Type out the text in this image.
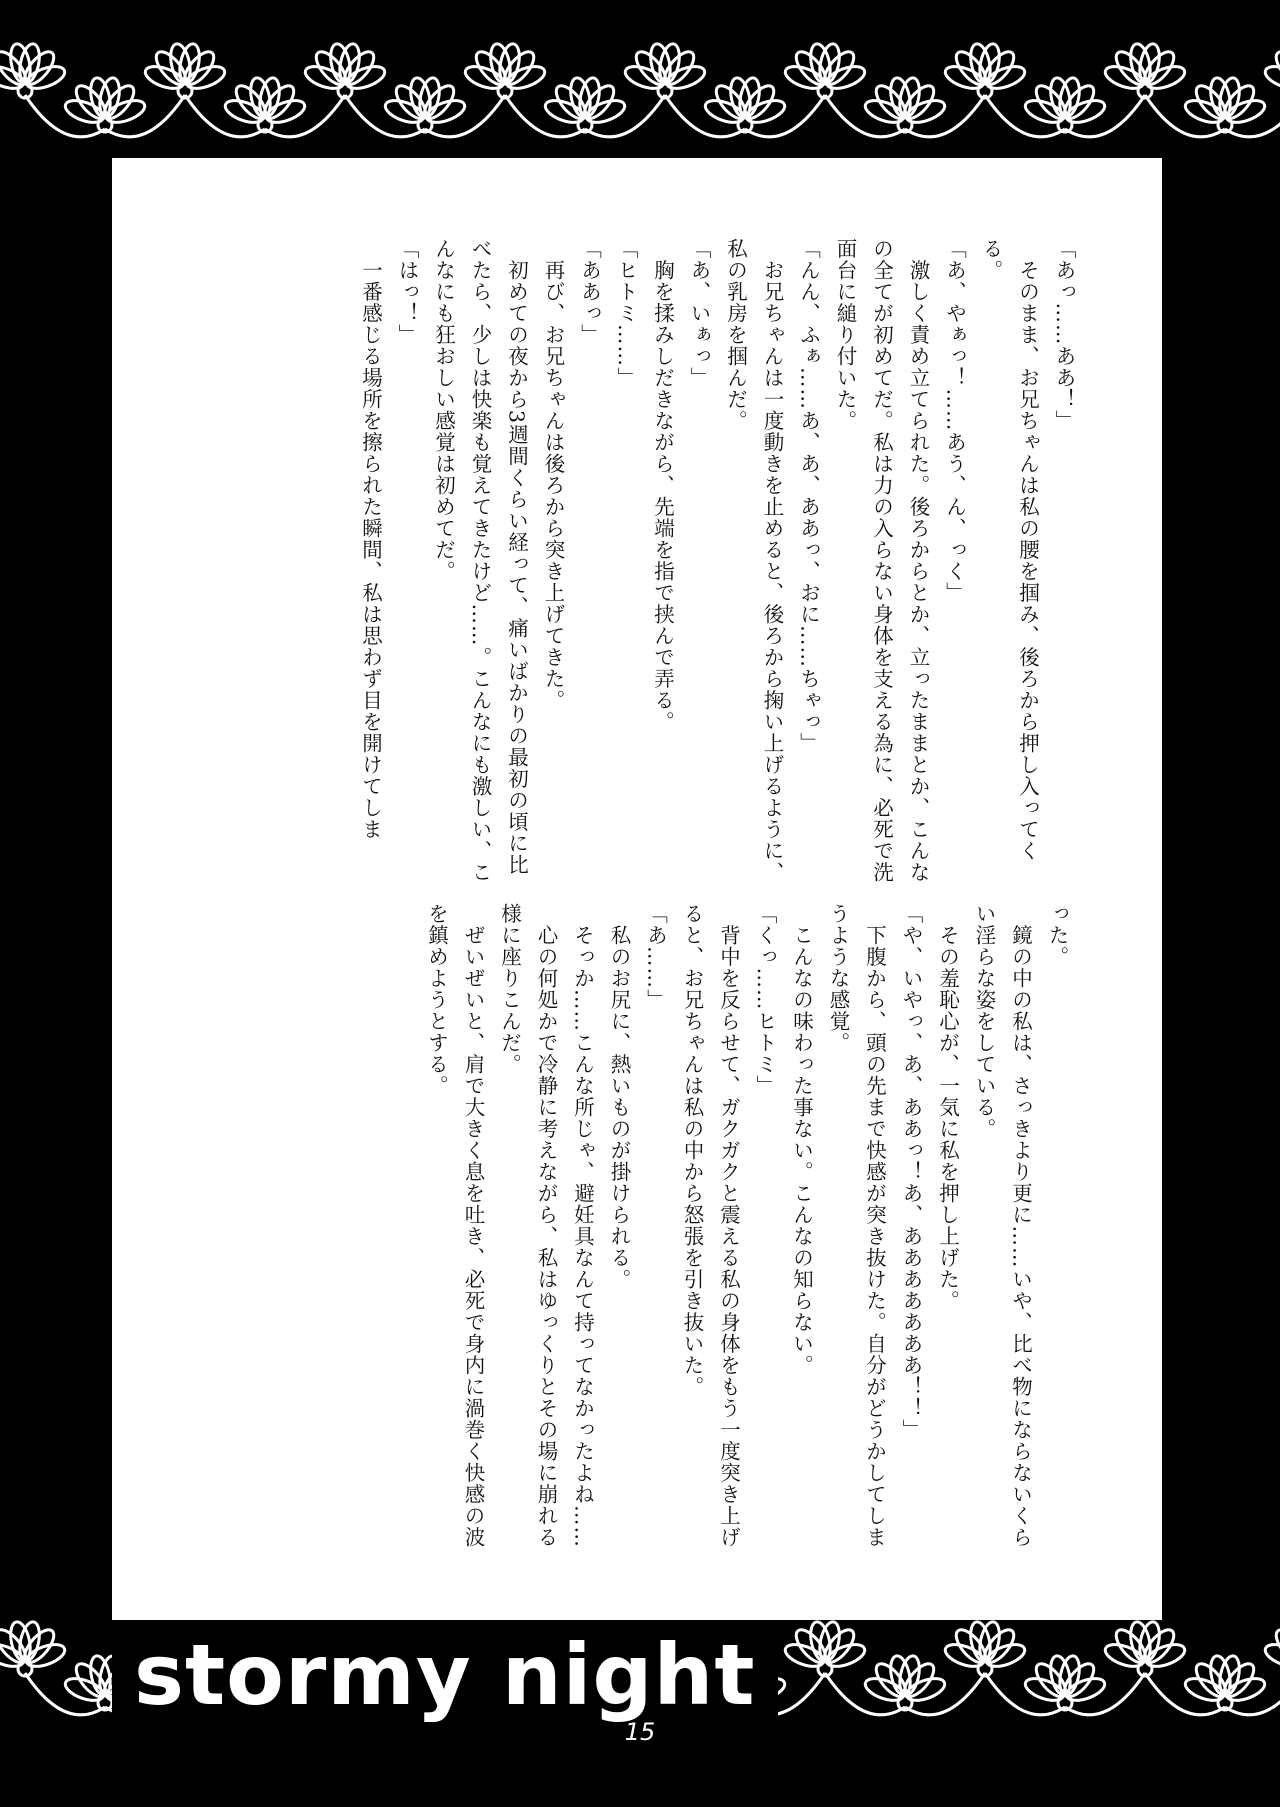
「あっ……ああ！」
　そのまま、お兄ちゃんは私の腰を掴み、後ろから押し入ってくる。
「あ、やぁっ！……あう、ん、っく」
　激しく責め立てられた。後ろからとか、立ったままとか、こんなの全てが初めてだ。私は力の入らない身体を支える為に、必死で洗面台に縋り付いた。
「んん、ふぁ……あ、あ、ああっ、おに……ちゃっ」
　お兄ちゃんは一度動きを止めると、後ろから掬い上げるように、私の乳房を掴んだ。
「あ、いぁっ」
　胸を揉みしだきながら、先端を指で挟んで弄る。
「ヒトミ……」
「ああっ」
　再び、お兄ちゃんは後ろから突き上げてきた。
　初めての夜から3週間くらい経って、痛いばかりの最初の頃に比べたら、少しは快楽も覚えてきたけど……。こんなにも激しい、こんなにも狂おしい感覚は初めてだ。
「はっ！」
　一番感じる場所を擦られた瞬間、私は思わず目を開けてしま
った。
　鏡の中の私は、さっきより更に……いや、比べ物にならないくらい淫らな姿をしている。
　その羞恥心が、一気に私を押し上げた。
「や、いやっ、あ、ああっ！あ、あああああああ！！」
　下腹から、頭の先まで快感が突き抜けた。自分がどうかしてしまうような感覚。
　こんなの味わった事ない。こんなの知らない。
「くっ……ヒトミ」
　背中を反らせて、ガクガクと震える私の身体をもう一度突き上げると、お兄ちゃんは私の中から怒張を引き抜いた。
「あ……」
　私のお尻に、熱いものが掛けられる。
　そっか……こんな所じゃ、避妊具なんて持ってなかったよね……
　心の何処かで冷静に考えながら、私はゆっくりとその場に崩れる様に座りこんだ。
　ぜいぜいと、肩で大きく息を吐き、必死で身内に渦巻く快感の波を鎮めようとする。
stormy night
15
